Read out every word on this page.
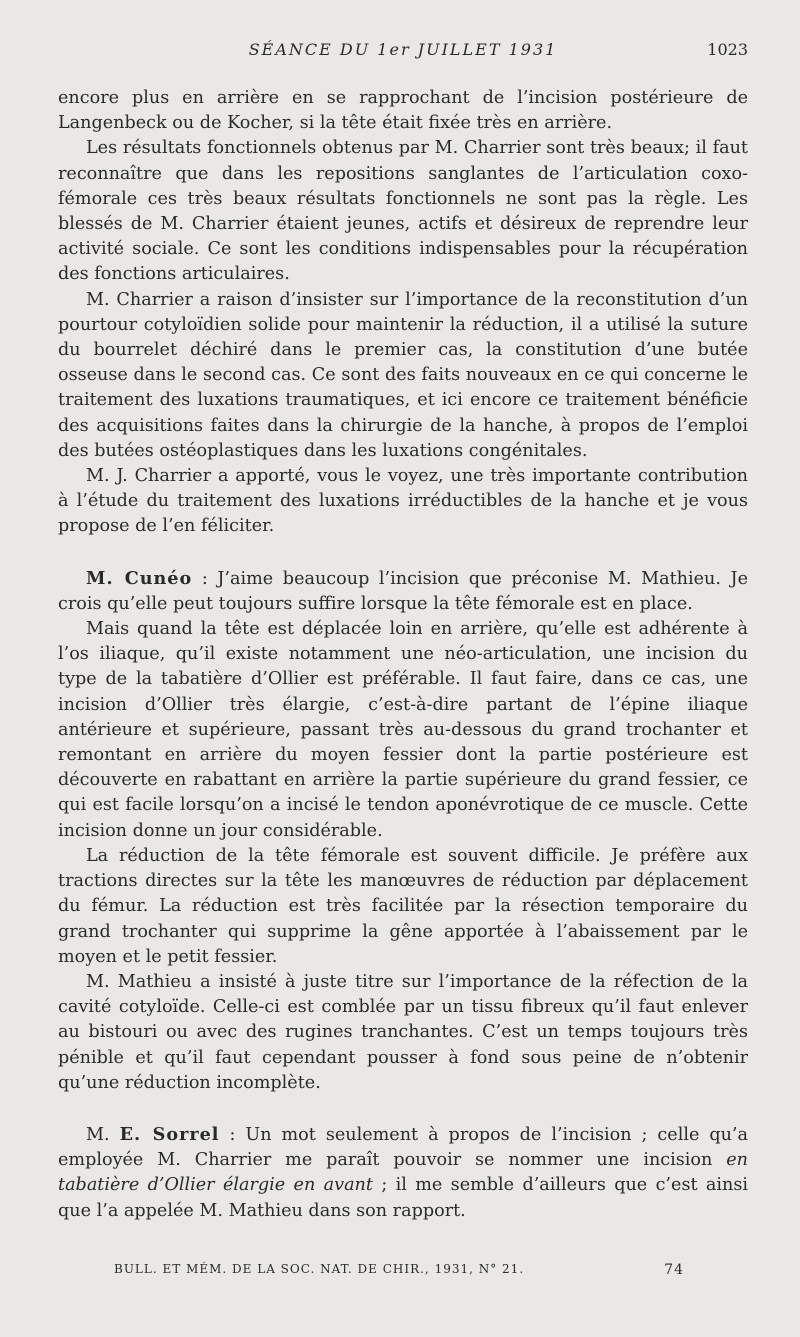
SÉANCE DU 1er JUILLET 1931	1023

encore plus en arrière en se rapprochant de l’incision postérieure de Langenbeck ou de Kocher, si la tête était fixée très en arrière.

Les résultats fonctionnels obtenus par M. Charrier sont très beaux; il faut reconnaître que dans les repositions sanglantes de l’articulation coxo-fémorale ces très beaux résultats fonctionnels ne sont pas la règle. Les blessés de M. Charrier étaient jeunes, actifs et désireux de reprendre leur activité sociale. Ce sont les conditions indispensables pour la récupération des fonctions articulaires.

M. Charrier a raison d’insister sur l’importance de la reconstitution d’un pourtour cotyloïdien solide pour maintenir la réduction, il a utilisé la suture du bourrelet déchiré dans le premier cas, la constitution d’une butée osseuse dans le second cas. Ce sont des faits nouveaux en ce qui concerne le traitement des luxations traumatiques, et ici encore ce traitement bénéficie des acquisitions faites dans la chirurgie de la hanche, à propos de l’emploi des butées ostéoplastiques dans les luxations congénitales.

M. J. Charrier a apporté, vous le voyez, une très importante contribution à l’étude du traitement des luxations irréductibles de la hanche et je vous propose de l’en féliciter.

M. Cunéo : J’aime beaucoup l’incision que préconise M. Mathieu. Je crois qu’elle peut toujours suffire lorsque la tête fémorale est en place.

Mais quand la tête est déplacée loin en arrière, qu’elle est adhérente à l’os iliaque, qu’il existe notamment une néo-articulation, une incision du type de la tabatière d’Ollier est préférable. Il faut faire, dans ce cas, une incision d’Ollier très élargie, c’est-à-dire partant de l’épine iliaque antérieure et supérieure, passant très au-dessous du grand trochanter et remontant en arrière du moyen fessier dont la partie postérieure est découverte en rabattant en arrière la partie supérieure du grand fessier, ce qui est facile lorsqu’on a incisé le tendon aponévrotique de ce muscle. Cette incision donne un jour considérable.

La réduction de la tête fémorale est souvent difficile. Je préfère aux tractions directes sur la tête les manœuvres de réduction par déplacement du fémur. La réduction est très facilitée par la résection temporaire du grand trochanter qui supprime la gêne apportée à l’abaissement par le moyen et le petit fessier.

M. Mathieu a insisté à juste titre sur l’importance de la réfection de la cavité cotyloïde. Celle-ci est comblée par un tissu fibreux qu’il faut enlever au bistouri ou avec des rugines tranchantes. C’est un temps toujours très pénible et qu’il faut cependant pousser à fond sous peine de n’obtenir qu’une réduction incomplète.

M. E. Sorrel : Un mot seulement à propos de l’incision ; celle qu’a employée M. Charrier me paraît pouvoir se nommer une incision en tabatière d’Ollier élargie en avant ; il me semble d’ailleurs que c’est ainsi que l’a appelée M. Mathieu dans son rapport.

BULL. ET MÉM. DE LA SOC. NAT. DE CHIR., 1931, N° 21.	74
